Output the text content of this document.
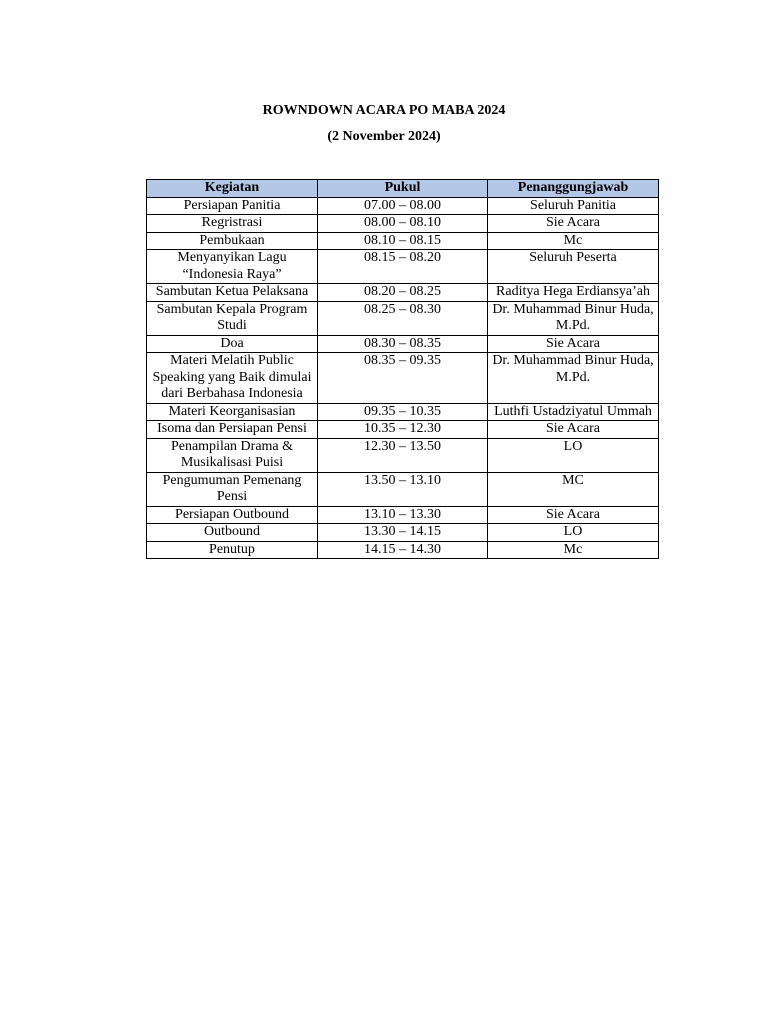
ROWNDOWN ACARA PO MABA 2024

(2 November 2024)

Kegiatan	Pukul	Penanggungjawab
Persiapan Panitia	07.00 – 08.00	Seluruh Panitia
Regristrasi	08.00 – 08.10	Sie Acara
Pembukaan	08.10 – 08.15	Mc
Menyanyikan Lagu “Indonesia Raya”	08.15 – 08.20	Seluruh Peserta
Sambutan Ketua Pelaksana	08.20 – 08.25	Raditya Hega Erdiansya’ah
Sambutan Kepala Program Studi	08.25 – 08.30	Dr. Muhammad Binur Huda, M.Pd.
Doa	08.30 – 08.35	Sie Acara
Materi Melatih Public Speaking yang Baik dimulai dari Berbahasa Indonesia	08.35 – 09.35	Dr. Muhammad Binur Huda, M.Pd.
Materi Keorganisasian	09.35 – 10.35	Luthfi Ustadziyatul Ummah
Isoma dan Persiapan Pensi	10.35 – 12.30	Sie Acara
Penampilan Drama & Musikalisasi Puisi	12.30 – 13.50	LO
Pengumuman Pemenang Pensi	13.50 – 13.10	MC
Persiapan Outbound	13.10 – 13.30	Sie Acara
Outbound	13.30 – 14.15	LO
Penutup	14.15 – 14.30	Mc
